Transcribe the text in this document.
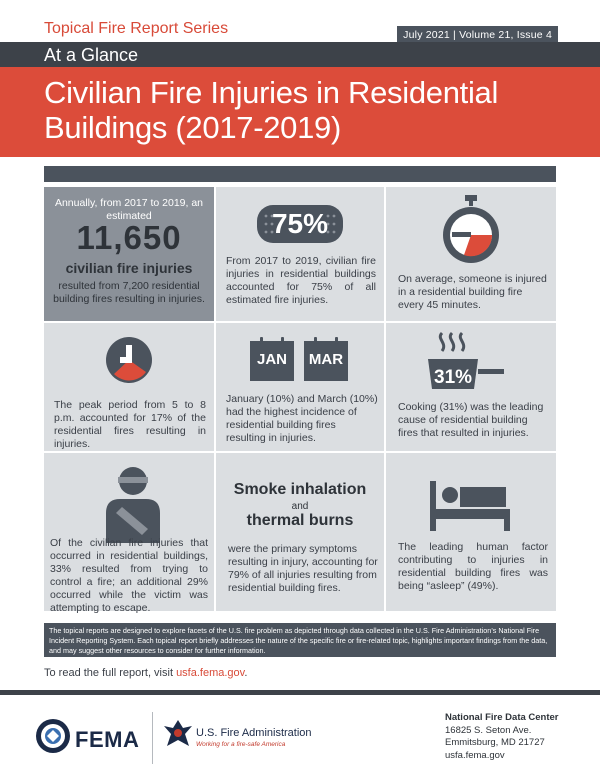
Topical Fire Report Series	July 2021 | Volume 21, Issue 4
At a Glance
Civilian Fire Injuries in Residential Buildings (2017-2019)
Annually, from 2017 to 2019, an estimated
11,650
civilian fire injuries
resulted from 7,200 residential building fires resulting in injuries.
75%
From 2017 to 2019, civilian fire injuries in residential buildings accounted for 75% of all estimated fire injuries.
On average, someone is injured in a residential building fire every 45 minutes.
The peak period from 5 to 8 p.m. accounted for 17% of the residential fires resulting in injuries.
JAN	MAR
January (10%) and March (10%) had the highest incidence of residential building fires resulting in injuries.
31%
Cooking (31%) was the leading cause of residential building fires that resulted in injuries.
Of the civilian fire injuries that occurred in residential buildings, 33% resulted from trying to control a fire; an additional 29% occurred while the victim was attempting to escape.
Smoke inhalation
and
thermal burns
were the primary symptoms resulting in injury, accounting for 79% of all injuries resulting from residential building fires.
The leading human factor contributing to injuries in residential building fires was being “asleep” (49%).
The topical reports are designed to explore facets of the U.S. fire problem as depicted through data collected in the U.S. Fire Administration’s National Fire Incident Reporting System. Each topical report briefly addresses the nature of the specific fire or fire-related topic, highlights important findings from the data, and may suggest other resources to consider for further information.
To read the full report, visit usfa.fema.gov.
FEMA	U.S. Fire Administration
Working for a fire-safe America
National Fire Data Center
16825 S. Seton Ave.
Emmitsburg, MD 21727
usfa.fema.gov
